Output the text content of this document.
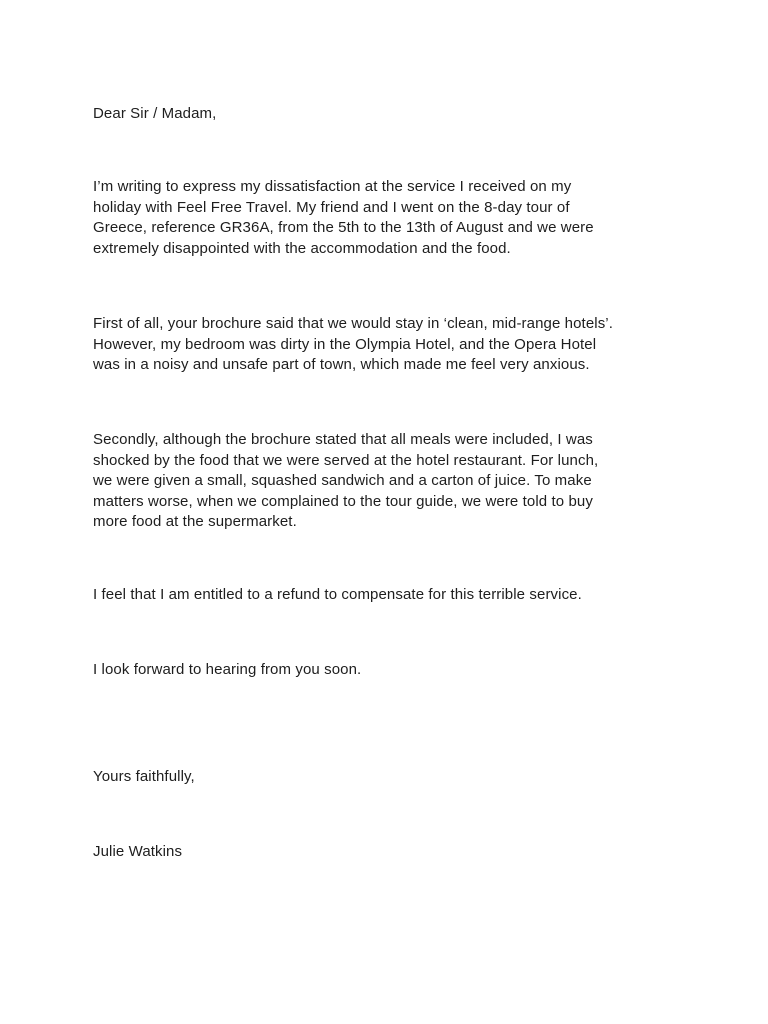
Dear Sir / Madam,

I’m writing to express my dissatisfaction at the service I received on my
holiday with Feel Free Travel. My friend and I went on the 8-day tour of
Greece, reference GR36A, from the 5th to the 13th of August and we were
extremely disappointed with the accommodation and the food.

First of all, your brochure said that we would stay in ‘clean, mid-range hotels’.
However, my bedroom was dirty in the Olympia Hotel, and the Opera Hotel
was in a noisy and unsafe part of town, which made me feel very anxious.

Secondly, although the brochure stated that all meals were included, I was
shocked by the food that we were served at the hotel restaurant. For lunch,
we were given a small, squashed sandwich and a carton of juice. To make
matters worse, when we complained to the tour guide, we were told to buy
more food at the supermarket.

I feel that I am entitled to a refund to compensate for this terrible service.

I look forward to hearing from you soon.

Yours faithfully,

Julie Watkins
